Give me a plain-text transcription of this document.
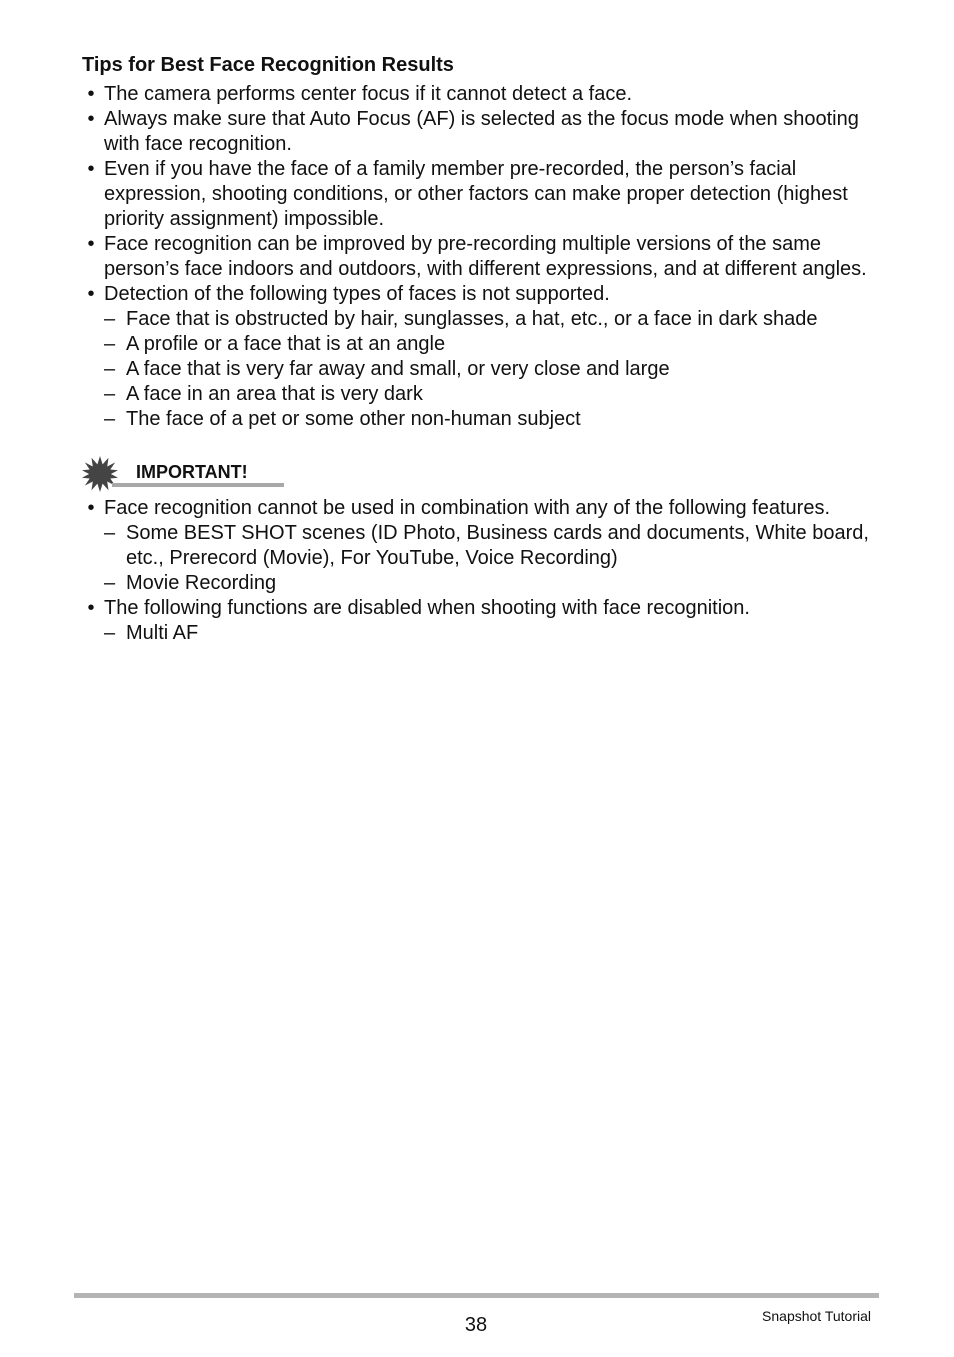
Tips for Best Face Recognition Results
• The camera performs center focus if it cannot detect a face.
• Always make sure that Auto Focus (AF) is selected as the focus mode when shooting with face recognition.
• Even if you have the face of a family member pre-recorded, the person’s facial expression, shooting conditions, or other factors can make proper detection (highest priority assignment) impossible.
• Face recognition can be improved by pre-recording multiple versions of the same person’s face indoors and outdoors, with different expressions, and at different angles.
• Detection of the following types of faces is not supported.
– Face that is obstructed by hair, sunglasses, a hat, etc., or a face in dark shade
– A profile or a face that is at an angle
– A face that is very far away and small, or very close and large
– A face in an area that is very dark
– The face of a pet or some other non-human subject
IMPORTANT!
• Face recognition cannot be used in combination with any of the following features.
– Some BEST SHOT scenes (ID Photo, Business cards and documents, White board, etc., Prerecord (Movie), For YouTube, Voice Recording)
– Movie Recording
• The following functions are disabled when shooting with face recognition.
– Multi AF
38	Snapshot Tutorial
